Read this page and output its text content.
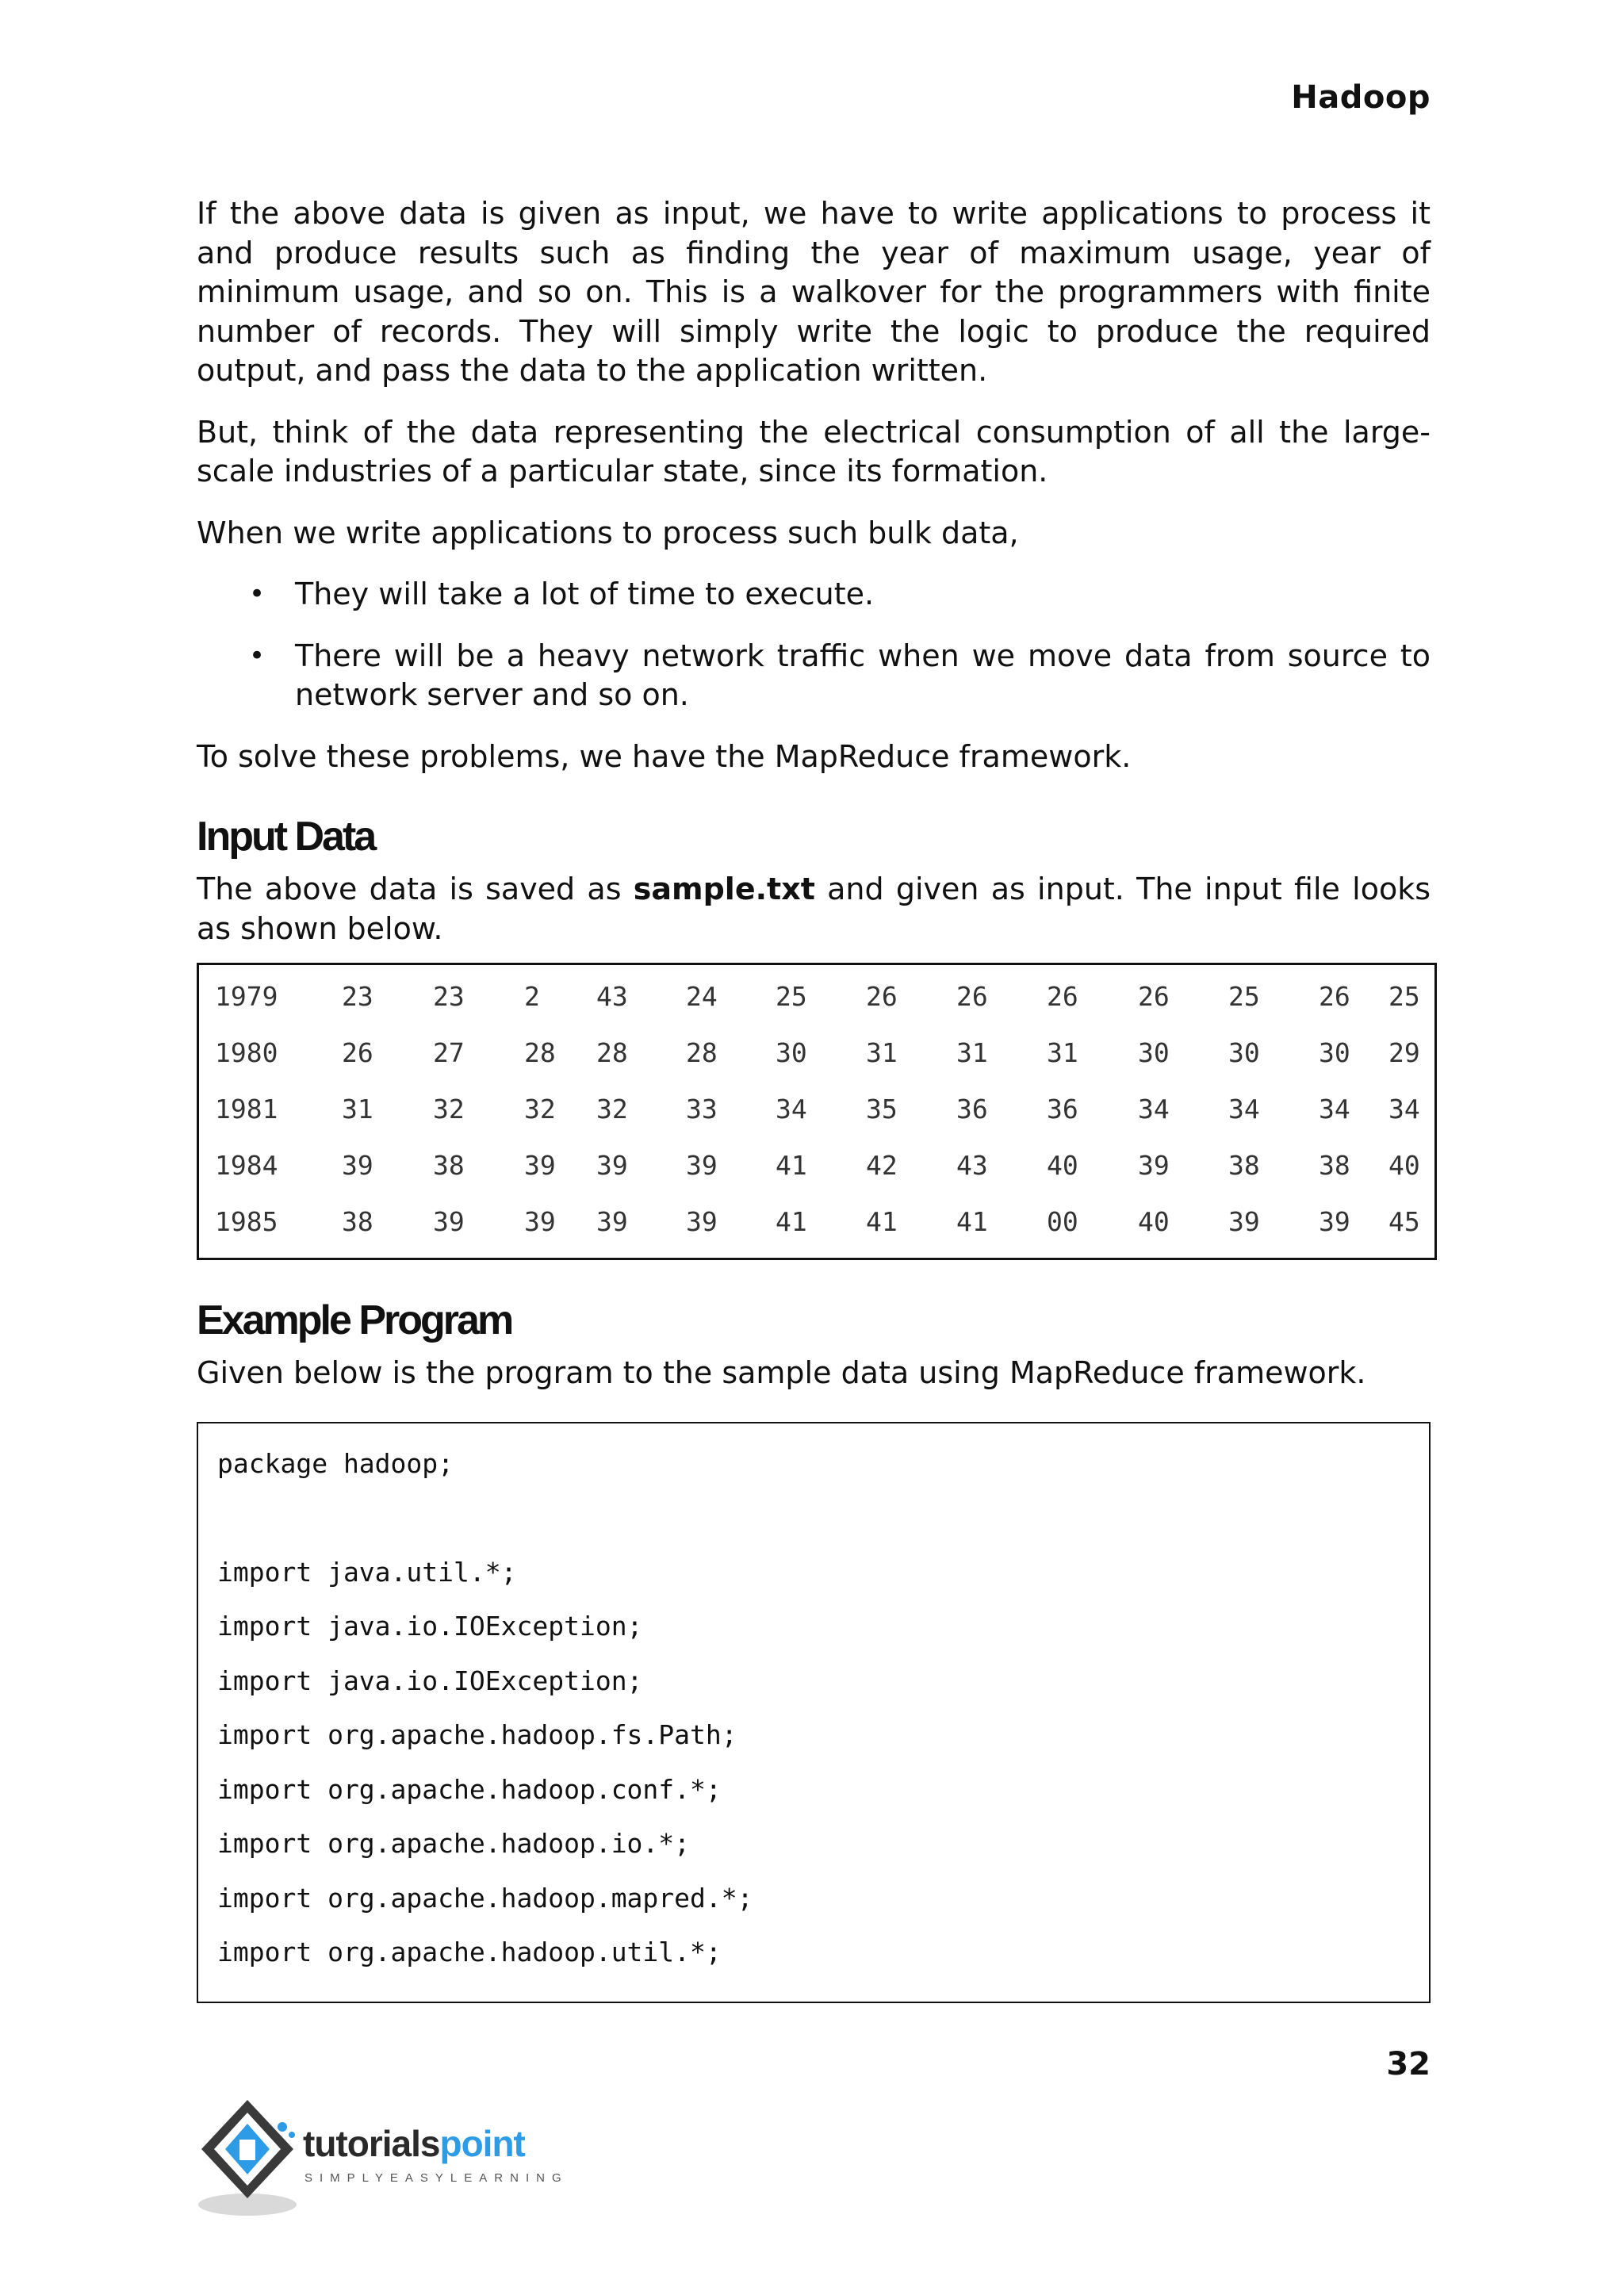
Hadoop

If the above data is given as input, we have to write applications to process it and produce results such as finding the year of maximum usage, year of minimum usage, and so on. This is a walkover for the programmers with finite number of records. They will simply write the logic to produce the required output, and pass the data to the application written.

But, think of the data representing the electrical consumption of all the large-scale industries of a particular state, since its formation.

When we write applications to process such bulk data,

• They will take a lot of time to execute.
• There will be a heavy network traffic when we move data from source to network server and so on.

To solve these problems, we have the MapReduce framework.

Input Data

The above data is saved as sample.txt and given as input. The input file looks as shown below.

1979 23 23 2 43 24 25 26 26 26 26 25 26 25
1980 26 27 28 28 28 30 31 31 31 30 30 30 29
1981 31 32 32 32 33 34 35 36 36 34 34 34 34
1984 39 38 39 39 39 41 42 43 40 39 38 38 40
1985 38 39 39 39 39 41 41 41 00 40 39 39 45
Example Program

Given below is the program to the sample data using MapReduce framework.

package hadoop;
import java.util.*;
import java.io.IOException;
import java.io.IOException;
import org.apache.hadoop.fs.Path;
import org.apache.hadoop.conf.*;
import org.apache.hadoop.io.*;
import org.apache.hadoop.mapred.*;
import org.apache.hadoop.util.*;
32
tutorialspoint
SIMPLYEASYLEARNING
